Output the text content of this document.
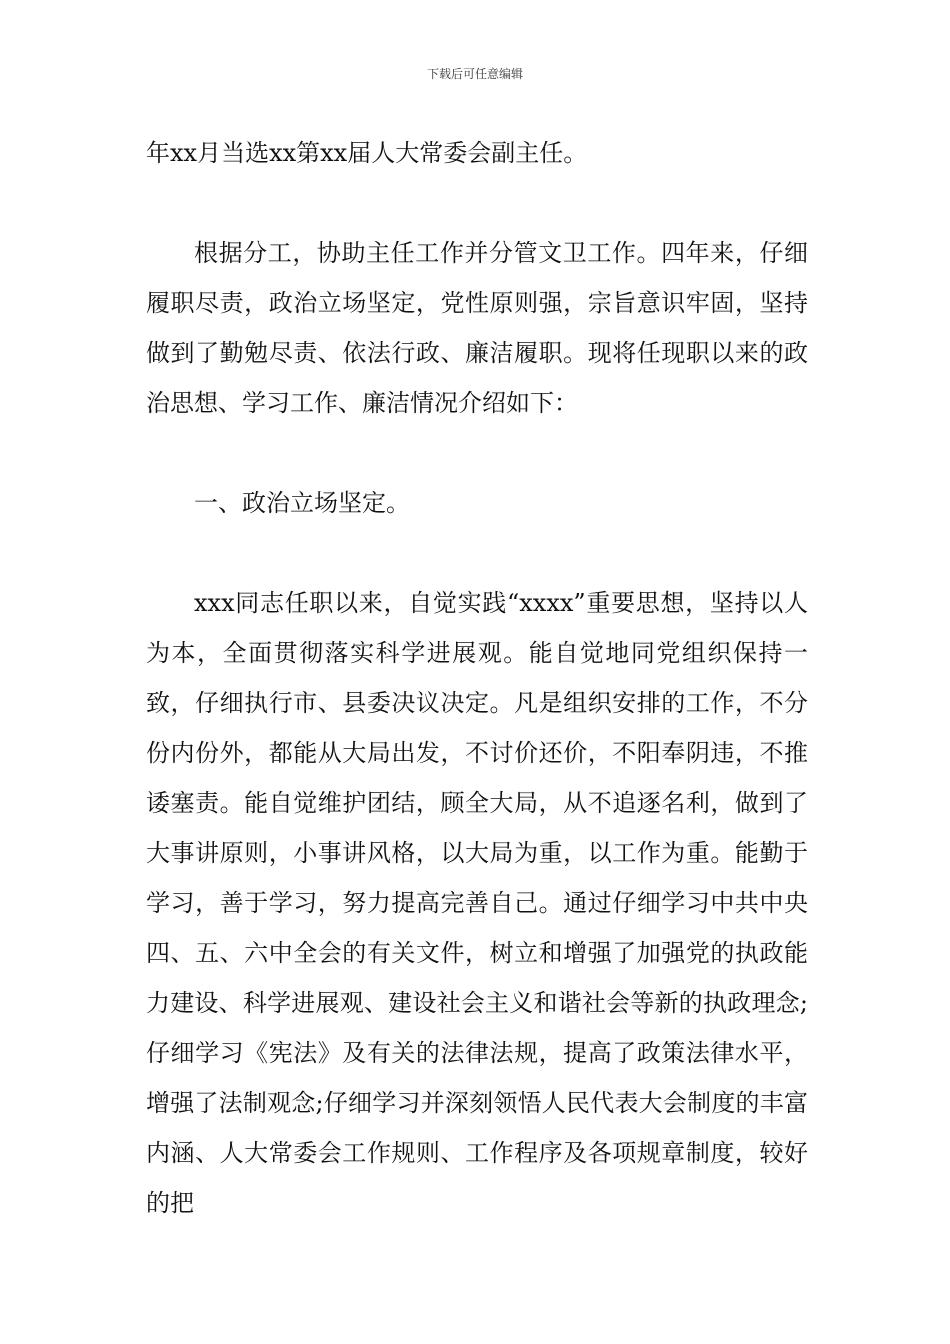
下载后可任意编辑

年xx月当选xx第xx届人大常委会副主任。

根据分工，协助主任工作并分管文卫工作。四年来，仔细履职尽责，政治立场坚定，党性原则强，宗旨意识牢固，坚持做到了勤勉尽责、依法行政、廉洁履职。现将任现职以来的政治思想、学习工作、廉洁情况介绍如下：

一、政治立场坚定。

xxx同志任职以来，自觉实践“xxxx”重要思想，坚持以人为本，全面贯彻落实科学进展观。能自觉地同党组织保持一致，仔细执行市、县委决议决定。凡是组织安排的工作，不分份内份外，都能从大局出发，不讨价还价，不阳奉阴违，不推诿塞责。能自觉维护团结，顾全大局，从不追逐名利，做到了大事讲原则，小事讲风格，以大局为重，以工作为重。能勤于学习，善于学习，努力提高完善自己。通过仔细学习中共中央四、五、六中全会的有关文件，树立和增强了加强党的执政能力建设、科学进展观、建设社会主义和谐社会等新的执政理念;仔细学习《宪法》及有关的法律法规，提高了政策法律水平，增强了法制观念;仔细学习并深刻领悟人民代表大会制度的丰富内涵、人大常委会工作规则、工作程序及各项规章制度，较好的把
